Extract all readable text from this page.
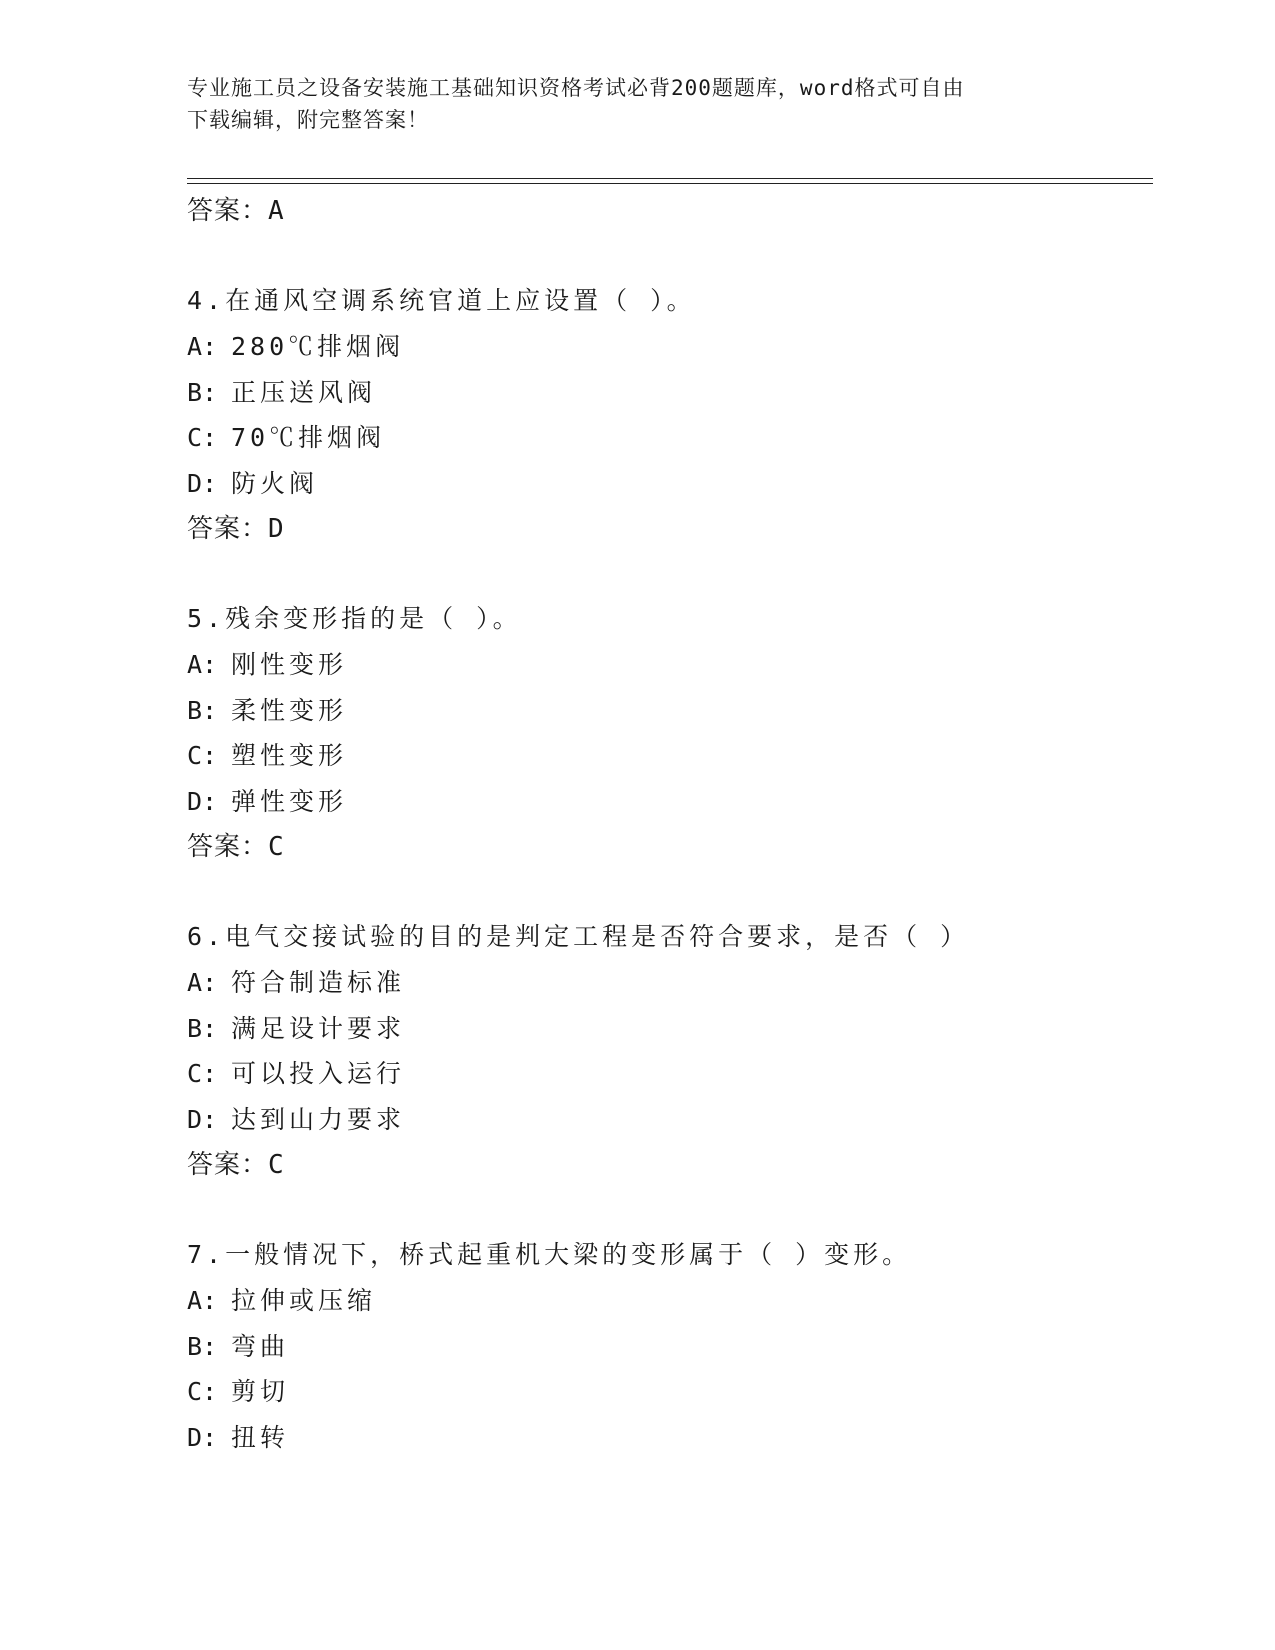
专业施工员之设备安装施工基础知识资格考试必背200题题库，word格式可自由
下载编辑，附完整答案！
答案：A
4.在通风空调系统官道上应设置（ ）。
A: 280℃排烟阀
B: 正压送风阀
C: 70℃排烟阀
D: 防火阀
答案：D
5.残余变形指的是（ ）。
A: 刚性变形
B: 柔性变形
C: 塑性变形
D: 弹性变形
答案：C
6.电气交接试验的目的是判定工程是否符合要求，是否（ ）
A: 符合制造标准
B: 满足设计要求
C: 可以投入运行
D: 达到山力要求
答案：C
7.一般情况下，桥式起重机大梁的变形属于（ ）变形。
A: 拉伸或压缩
B: 弯曲
C: 剪切
D: 扭转
